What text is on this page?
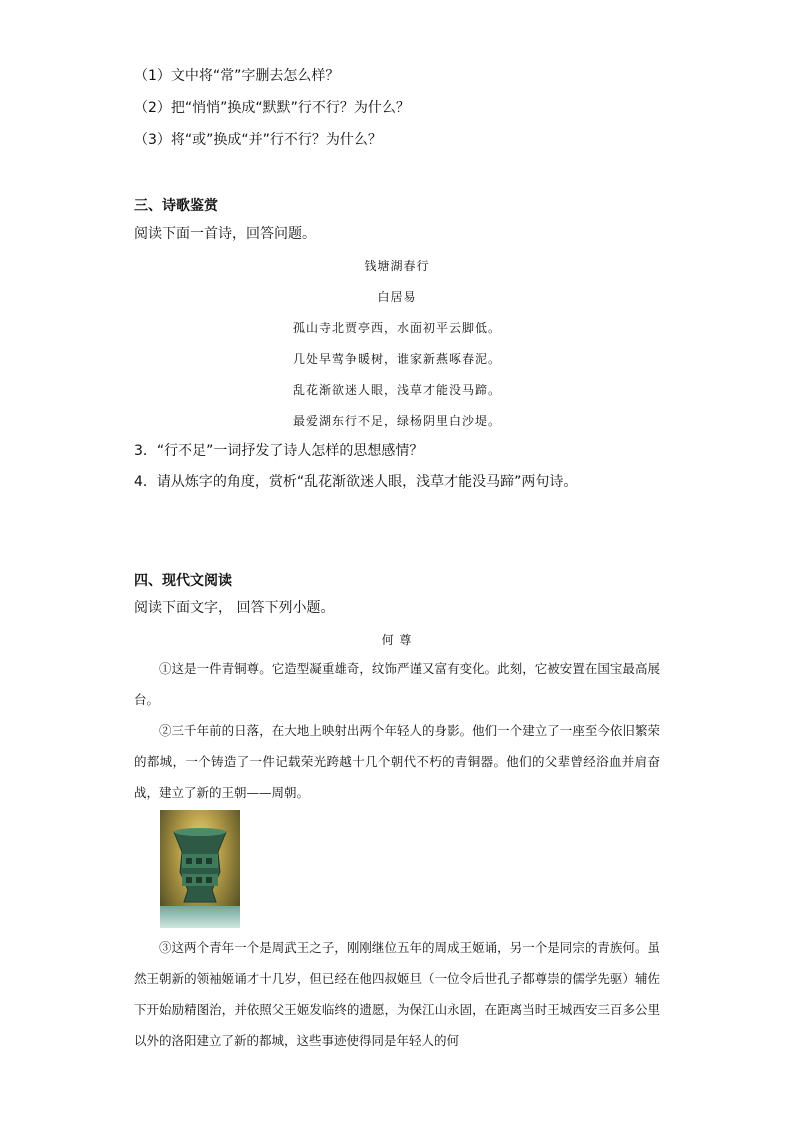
（1）文中将“常”字删去怎么样？
（2）把“悄悄”换成“默默”行不行？为什么？
（3）将“或”换成“并”行不行？为什么？
三、诗歌鉴赏
阅读下面一首诗，回答问题。
钱塘湖春行
白居易
孤山寺北贾亭西，水面初平云脚低。
几处早莺争暖树，谁家新燕啄春泥。
乱花渐欲迷人眼，浅草才能没马蹄。
最爱湖东行不足，绿杨阴里白沙堤。
3．“行不足”一词抒发了诗人怎样的思想感情？
4．请从炼字的角度，赏析“乱花渐欲迷人眼，浅草才能没马蹄”两句诗。
四、现代文阅读
阅读下面文字， 回答下列小题。
何 尊
①这是一件青铜尊。它造型凝重雄奇，纹饰严谨又富有变化。此刻，它被安置在国宝最高展台。
②三千年前的日落，在大地上映射出两个年轻人的身影。他们一个建立了一座至今依旧繁荣的都城，一个铸造了一件记载荣光跨越十几个朝代不朽的青铜器。他们的父辈曾经浴血并肩奋战，建立了新的王朝——周朝。
③这两个青年一个是周武王之子，刚刚继位五年的周成王姬诵，另一个是同宗的青族何。虽然王朝新的领袖姬诵才十几岁，但已经在他四叔姬旦（一位令后世孔子都尊崇的儒学先驱）辅佐下开始励精图治，并依照父王姬发临终的遗愿，为保江山永固，在距离当时王城西安三百多公里以外的洛阳建立了新的都城，这些事迹使得同是年轻人的何
